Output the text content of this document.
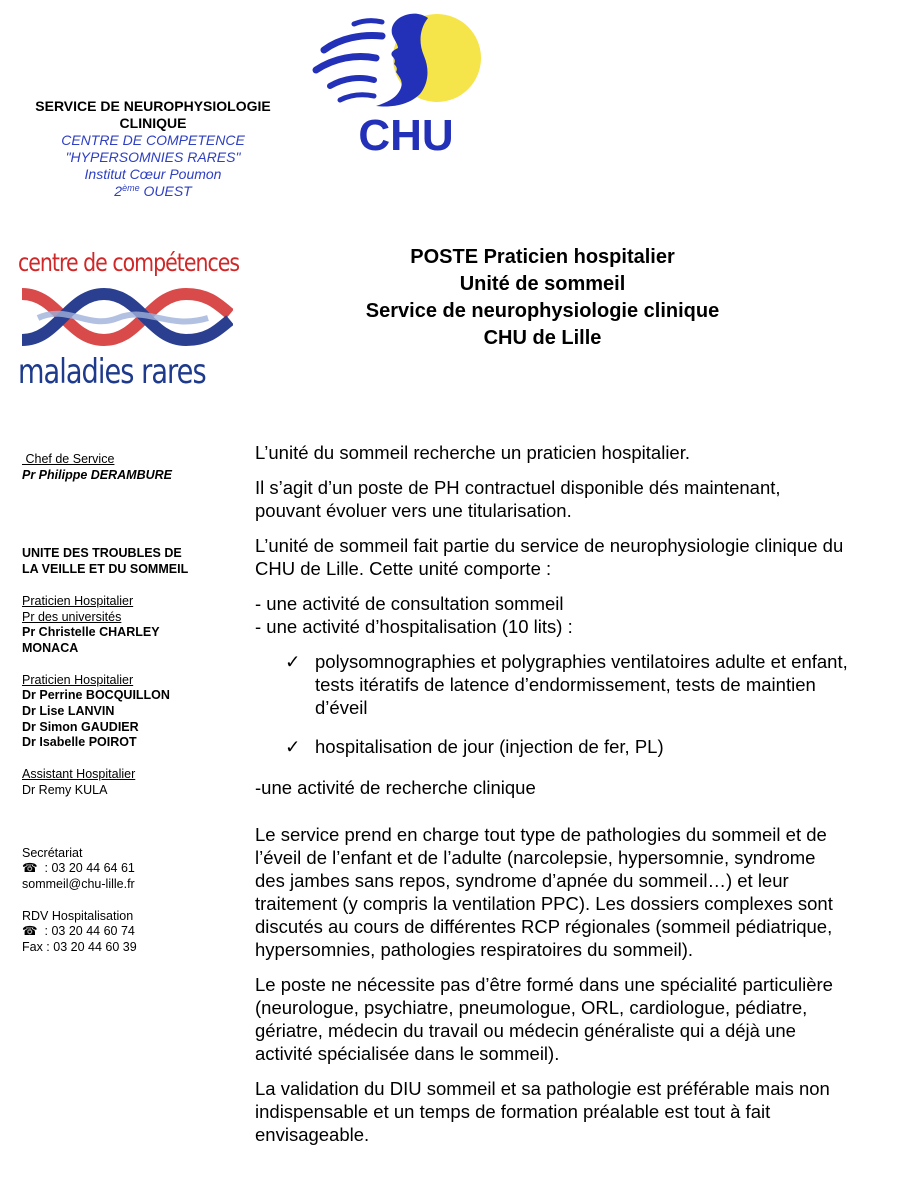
SERVICE DE NEUROPHYSIOLOGIE
CLINIQUE
CENTRE DE COMPETENCE
"HYPERSOMNIES RARES"
Institut Cœur Poumon
2ème OUEST
CHU
centre de compétences
maladies rares
POSTE Praticien hospitalier
Unité de sommeil
Service de neurophysiologie clinique
CHU de Lille
Chef de Service
Pr Philippe DERAMBURE
UNITE DES TROUBLES DE
LA VEILLE ET DU SOMMEIL
Praticien Hospitalier
Pr des universités
Pr Christelle CHARLEY
MONACA
Praticien Hospitalier
Dr Perrine BOCQUILLON
Dr Lise LANVIN
Dr Simon GAUDIER
Dr Isabelle POIROT
Assistant Hospitalier
Dr Remy KULA
Secrétariat
☎  : 03 20 44 64 61
sommeil@chu-lille.fr
RDV Hospitalisation
☎  : 03 20 44 60 74
Fax : 03 20 44 60 39

L’unité du sommeil recherche un praticien hospitalier.

Il s’agit d’un poste de PH contractuel disponible dés maintenant,

pouvant évoluer vers une titularisation.

L’unité de sommeil fait partie du service de neurophysiologie clinique du

CHU de Lille. Cette unité comporte :

- une activité de consultation sommeil

- une activité d’hospitalisation (10 lits) :

✓ polysomnographies et polygraphies ventilatoires adulte et enfant,

tests itératifs de latence d’endormissement, tests de maintien

d’éveil

✓ hospitalisation de jour (injection de fer, PL)

-une activité de recherche clinique

Le service prend en charge tout type de pathologies du sommeil et de

l’éveil de l’enfant et de l’adulte (narcolepsie, hypersomnie, syndrome

des jambes sans repos, syndrome d’apnée du sommeil…) et leur

traitement (y compris la ventilation PPC). Les dossiers complexes sont

discutés au cours de différentes RCP régionales (sommeil pédiatrique,

hypersomnies, pathologies respiratoires du sommeil).

Le poste ne nécessite pas d’être formé dans une spécialité particulière

(neurologue, psychiatre, pneumologue, ORL, cardiologue, pédiatre,

gériatre, médecin du travail ou médecin généraliste qui a déjà une

activité spécialisée dans le sommeil).

La validation du DIU sommeil et sa pathologie est préférable mais non

indispensable et un temps de formation préalable est tout à fait

envisageable.
